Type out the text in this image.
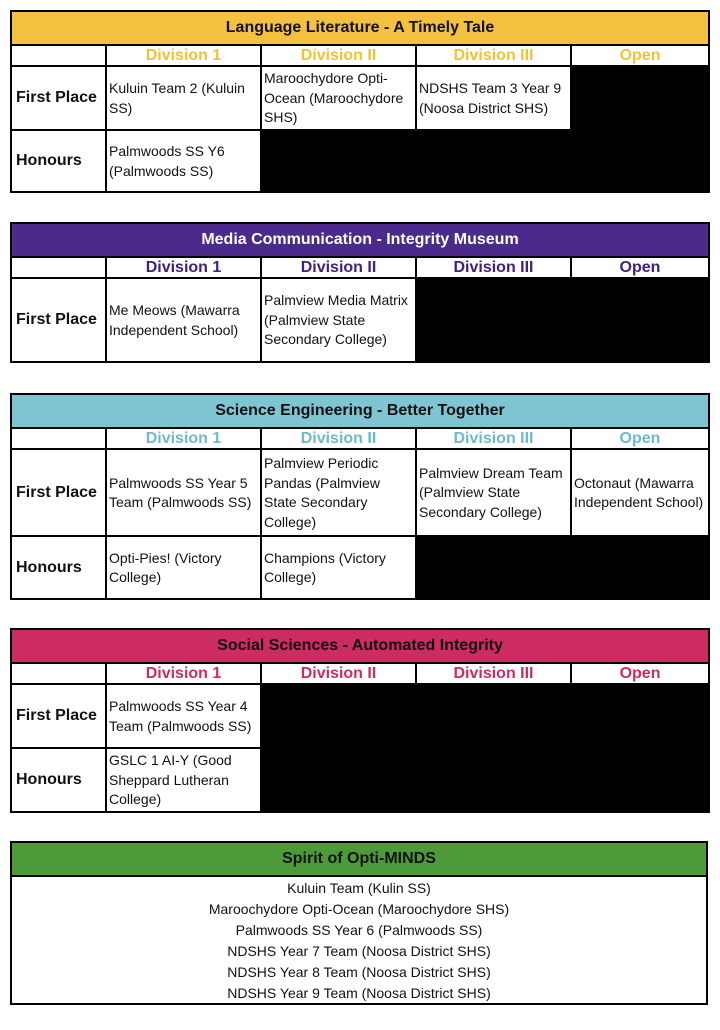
Language Literature - A Timely Tale				
	Division 1	Division II	Division III	Open
First Place	Kuluin Team 2 (Kuluin SS)	Maroochydore Opti-Ocean (Maroochydore SHS)	NDSHS Team 3 Year 9 (Noosa District SHS)	
Honours	Palmwoods SS Y6 (Palmwoods SS)			
Media Communication - Integrity Museum				
	Division 1	Division II	Division III	Open
First Place	Me Meows (Mawarra Independent School)	Palmview Media Matrix (Palmview State Secondary College)		
Science Engineering - Better Together				
	Division 1	Division II	Division III	Open
First Place	Palmwoods SS Year 5 Team (Palmwoods SS)	Palmview Periodic Pandas (Palmview State Secondary College)	Palmview Dream Team (Palmview State Secondary College)	Octonaut (Mawarra Independent School)
Honours	Opti-Pies! (Victory College)	Champions (Victory College)		
Social Sciences - Automated Integrity				
	Division 1	Division II	Division III	Open
First Place	Palmwoods SS Year 4 Team (Palmwoods SS)			
Honours	GSLC 1 AI-Y (Good Sheppard Lutheran College)			
Spirit of Opti-MINDS
Kuluin Team (Kulin SS)
Maroochydore Opti-Ocean (Maroochydore SHS)
Palmwoods SS Year 6 (Palmwoods SS)
NDSHS Year 7 Team (Noosa District SHS)
NDSHS Year 8 Team (Noosa District SHS)
NDSHS Year 9 Team (Noosa District SHS)
